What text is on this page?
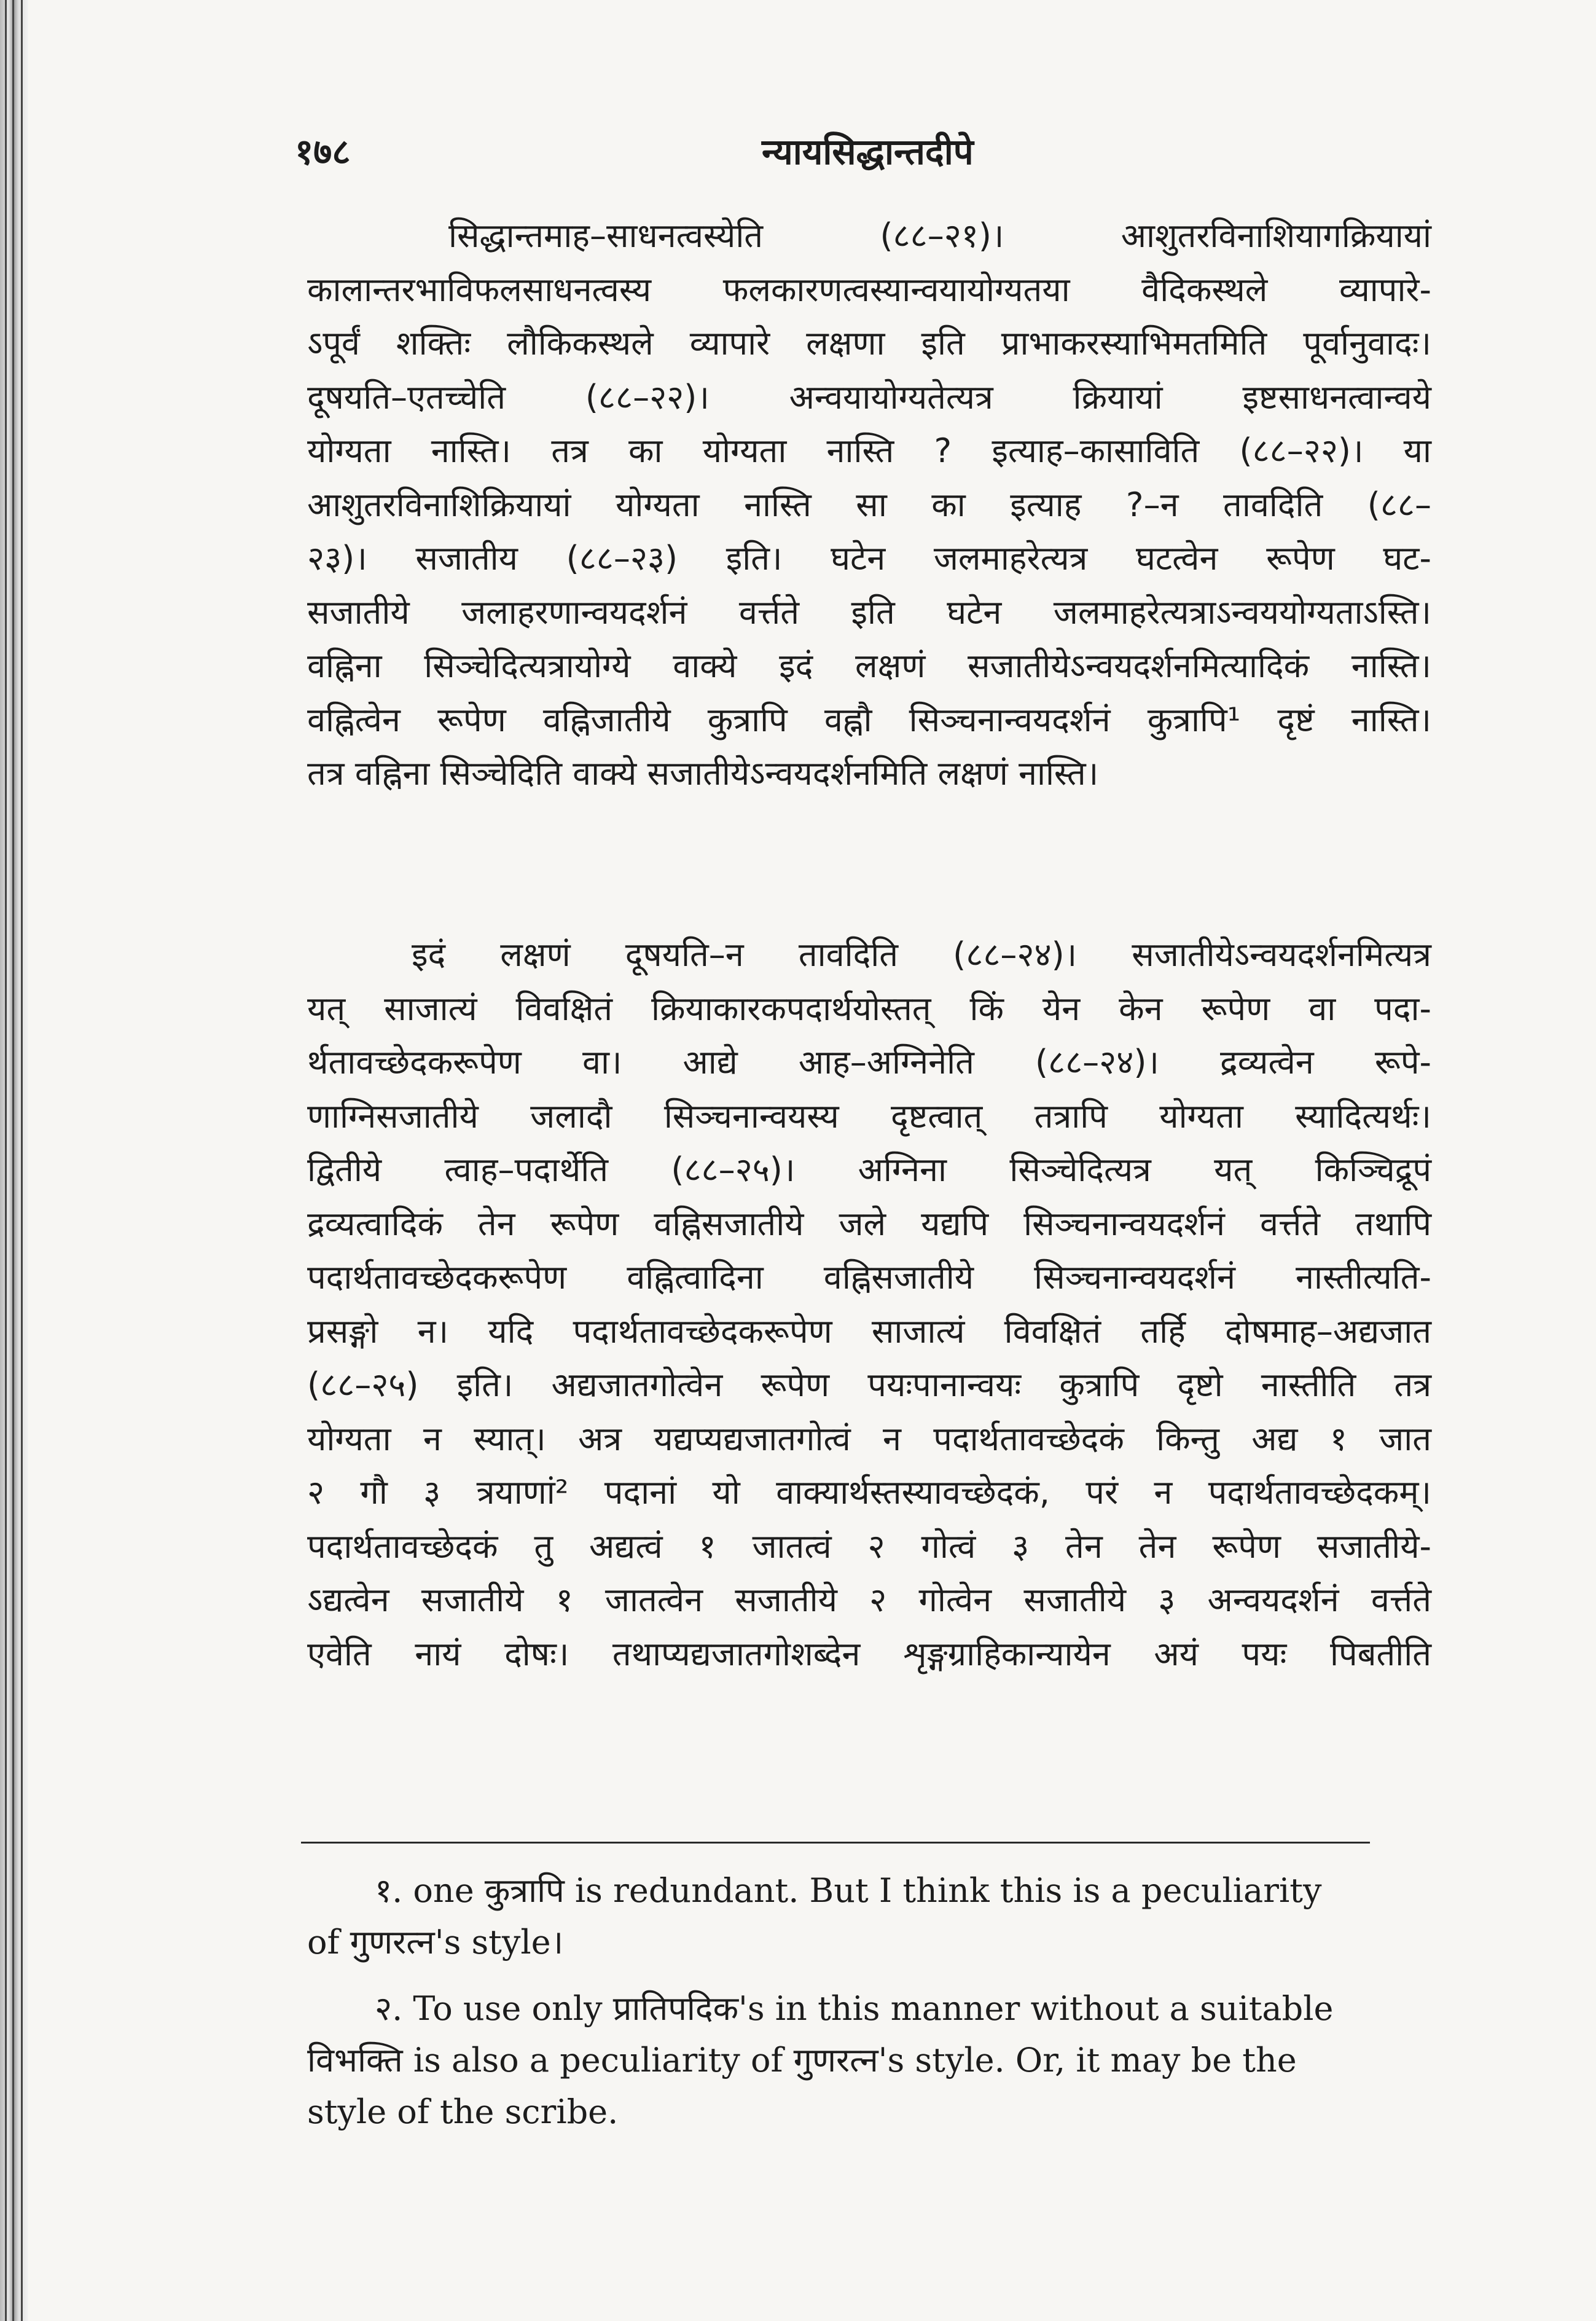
१७८	न्यायसिद्धान्तदीपे
सिद्धान्तमाह–साधनत्वस्येति (८८–२१)। आशुतरविनाशियागक्रियायां
कालान्तरभाविफलसाधनत्वस्य फलकारणत्वस्यान्वयायोग्यतया वैदिकस्थले व्यापारे-
ऽपूर्वं शक्तिः लौकिकस्थले व्यापारे लक्षणा इति प्राभाकरस्याभिमतमिति पूर्वानुवादः।
दूषयति–एतच्चेति (८८–२२)। अन्वयायोग्यतेत्यत्र क्रियायां इष्टसाधनत्वान्वये
योग्यता नास्ति। तत्र का योग्यता नास्ति ? इत्याह–कासाविति (८८–२२)। या
आशुतरविनाशिक्रियायां योग्यता नास्ति सा का इत्याह ?–न तावदिति (८८–
२३)। सजातीय (८८–२३) इति। घटेन जलमाहरेत्यत्र घटत्वेन रूपेण घट-
सजातीये जलाहरणान्वयदर्शनं वर्त्तते इति घटेन जलमाहरेत्यत्राऽन्वययोग्यताऽस्ति।
वह्निना सिञ्चेदित्यत्रायोग्ये वाक्ये इदं लक्षणं सजातीयेऽन्वयदर्शनमित्यादिकं नास्ति।
वह्नित्वेन रूपेण वह्निजातीये कुत्रापि वह्नौ सिञ्चनान्वयदर्शनं कुत्रापि¹ दृष्टं नास्ति।
तत्र वह्निना सिञ्चेदिति वाक्ये सजातीयेऽन्वयदर्शनमिति लक्षणं नास्ति।
इदं लक्षणं दूषयति–न तावदिति (८८–२४)। सजातीयेऽन्वयदर्शनमित्यत्र
यत् साजात्यं विवक्षितं क्रियाकारकपदार्थयोस्तत् किं येन केन रूपेण वा पदा-
र्थतावच्छेदकरूपेण वा। आद्ये आह–अग्निनेति (८८–२४)। द्रव्यत्वेन रूपे-
णाग्निसजातीये जलादौ सिञ्चनान्वयस्य दृष्टत्वात् तत्रापि योग्यता स्यादित्यर्थः।
द्वितीये त्वाह–पदार्थेति (८८–२५)। अग्निना सिञ्चेदित्यत्र यत् किञ्चिद्रूपं
द्रव्यत्वादिकं तेन रूपेण वह्निसजातीये जले यद्यपि सिञ्चनान्वयदर्शनं वर्त्तते तथापि
पदार्थतावच्छेदकरूपेण वह्नित्वादिना वह्निसजातीये सिञ्चनान्वयदर्शनं नास्तीत्यति-
प्रसङ्गो न। यदि पदार्थतावच्छेदकरूपेण साजात्यं विवक्षितं तर्हि दोषमाह–अद्यजात
(८८–२५) इति। अद्यजातगोत्वेन रूपेण पयःपानान्वयः कुत्रापि दृष्टो नास्तीति तत्र
योग्यता न स्यात्। अत्र यद्यप्यद्यजातगोत्वं न पदार्थतावच्छेदकं किन्तु अद्य १ जात
२ गौ ३ त्रयाणां² पदानां यो वाक्यार्थस्तस्यावच्छेदकं, परं न पदार्थतावच्छेदकम्।
पदार्थतावच्छेदकं तु अद्यत्वं १ जातत्वं २ गोत्वं ३ तेन तेन रूपेण सजातीये-
ऽद्यत्वेन सजातीये १ जातत्वेन सजातीये २ गोत्वेन सजातीये ३ अन्वयदर्शनं वर्त्तते
एवेति नायं दोषः। तथाप्यद्यजातगोशब्देन शृङ्गग्राहिकान्यायेन अयं पयः पिबतीति
१. one कुत्रापि is redundant. But I think this is a peculiarity
of गुणरत्न's style।
२. To use only प्रातिपदिक's in this manner without a suitable
विभक्ति is also a peculiarity of गुणरत्न's style. Or, it may be the
style of the scribe.
